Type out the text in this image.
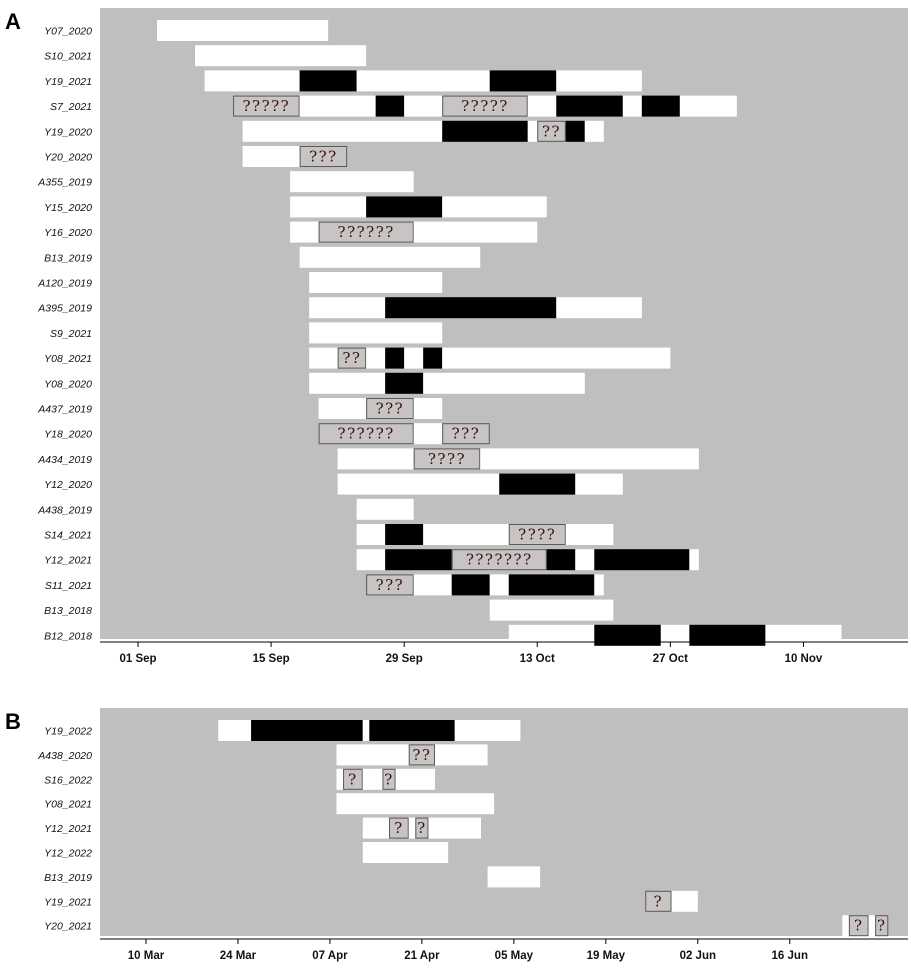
A Y07_2020
S10_2021
Y19_2021
S7_2021	?????	?????
Y19_2020	??
Y20_2020	???
A355_2019
Y15_2020
Y16_2020	??????
B13_2019
A120_2019
A395_2019
S9_2021
Y08_2021	??
Y08_2020
A437_2019	???
Y18_2020	??????	???
A434_2019	????
Y12_2020
A438_2019
S14_2021	????
Y12_2021	???????
S11_2021	???
B13_2018
B12_2018
01 Sep	15 Sep	29 Sep	13 Oct	27 Oct	10 Nov
B Y19_2022
A438_2020	??
S16_2022	? ?
Y08_2021
Y12_2021	? ?
Y12_2022
B13_2019
Y19_2021	?
Y20_2021	? ?
10 Mar	24 Mar	07 Apr	21 Apr	05 May	19 May	02 Jun	16 Jun
